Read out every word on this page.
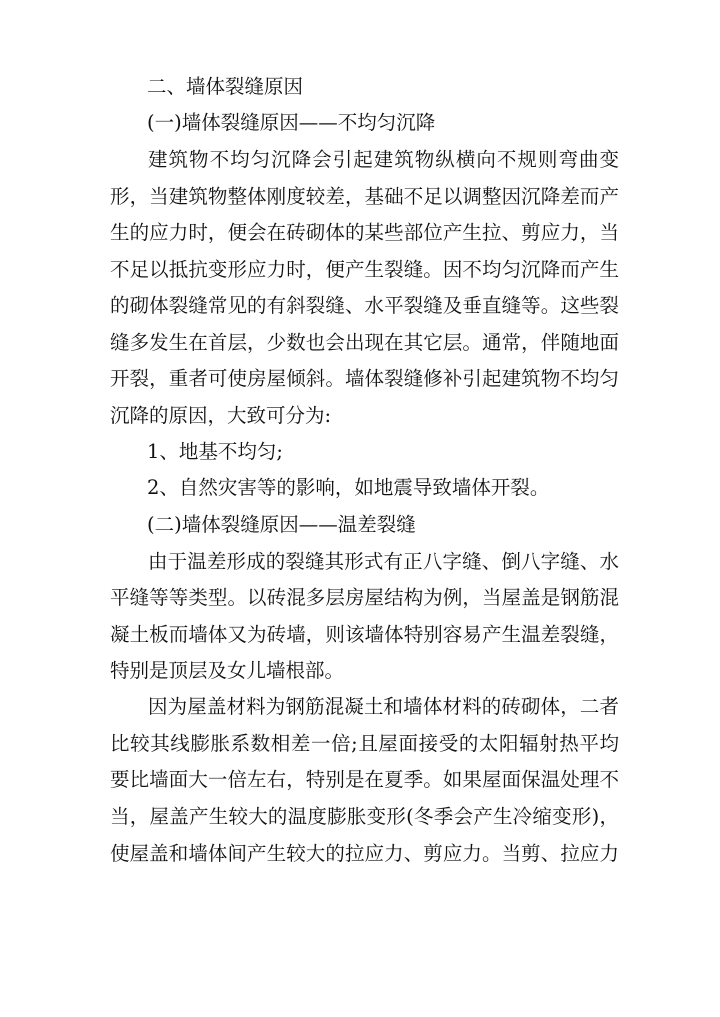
二、墙体裂缝原因
(一)墙体裂缝原因——不均匀沉降
建筑物不均匀沉降会引起建筑物纵横向不规则弯曲变
形，当建筑物整体刚度较差，基础不足以调整因沉降差而产
生的应力时，便会在砖砌体的某些部位产生拉、剪应力，当
不足以抵抗变形应力时，便产生裂缝。因不均匀沉降而产生
的砌体裂缝常见的有斜裂缝、水平裂缝及垂直缝等。这些裂
缝多发生在首层，少数也会出现在其它层。通常，伴随地面
开裂，重者可使房屋倾斜。墙体裂缝修补引起建筑物不均匀
沉降的原因，大致可分为:
1、地基不均匀;
2、自然灾害等的影响，如地震导致墙体开裂。
(二)墙体裂缝原因——温差裂缝
由于温差形成的裂缝其形式有正八字缝、倒八字缝、水
平缝等等类型。以砖混多层房屋结构为例，当屋盖是钢筋混
凝土板而墙体又为砖墙，则该墙体特别容易产生温差裂缝，
特别是顶层及女儿墙根部。
因为屋盖材料为钢筋混凝土和墙体材料的砖砌体，二者
比较其线膨胀系数相差一倍;且屋面接受的太阳辐射热平均
要比墙面大一倍左右，特别是在夏季。如果屋面保温处理不
当，屋盖产生较大的温度膨胀变形(冬季会产生冷缩变形)，
使屋盖和墙体间产生较大的拉应力、剪应力。当剪、拉应力
